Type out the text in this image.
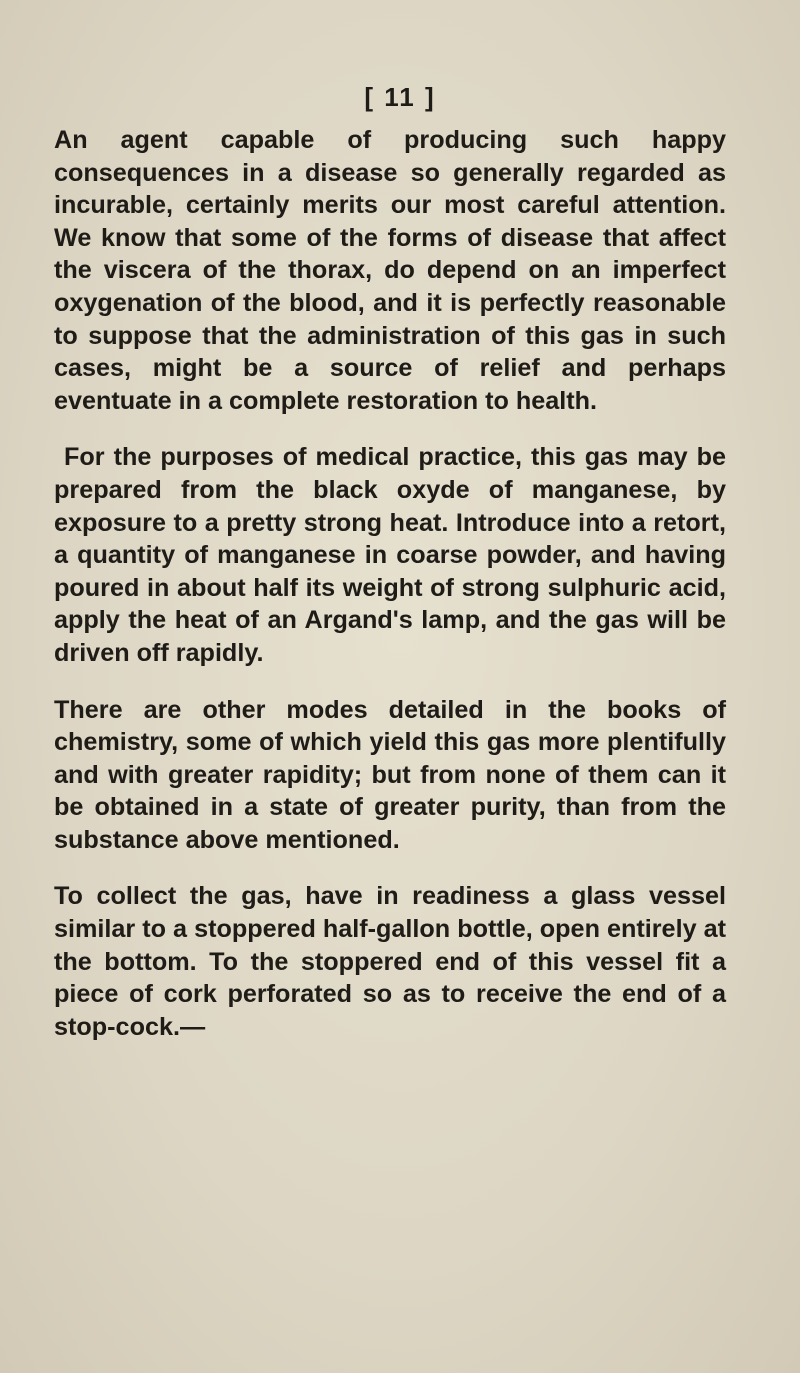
[ 11 ]

An agent capable of producing such happy consequences in a disease so generally regarded as incurable, certainly merits our most careful attention. We know that some of the forms of disease that affect the viscera of the thorax, do depend on an imperfect oxygenation of the blood, and it is perfectly reasonable to suppose that the administration of this gas in such cases, might be a source of relief and perhaps eventuate in a complete restoration to health.

For the purposes of medical practice, this gas may be prepared from the black oxyde of manganese, by exposure to a pretty strong heat. Introduce into a retort, a quantity of manganese in coarse powder, and having poured in about half its weight of strong sulphuric acid, apply the heat of an Argand's lamp, and the gas will be driven off rapidly.

There are other modes detailed in the books of chemistry, some of which yield this gas more plentifully and with greater rapidity; but from none of them can it be obtained in a state of greater purity, than from the substance above mentioned.

To collect the gas, have in readiness a glass vessel similar to a stoppered half-gallon bottle, open entirely at the bottom. To the stoppered end of this vessel fit a piece of cork perforated so as to receive the end of a stop-cock.—
